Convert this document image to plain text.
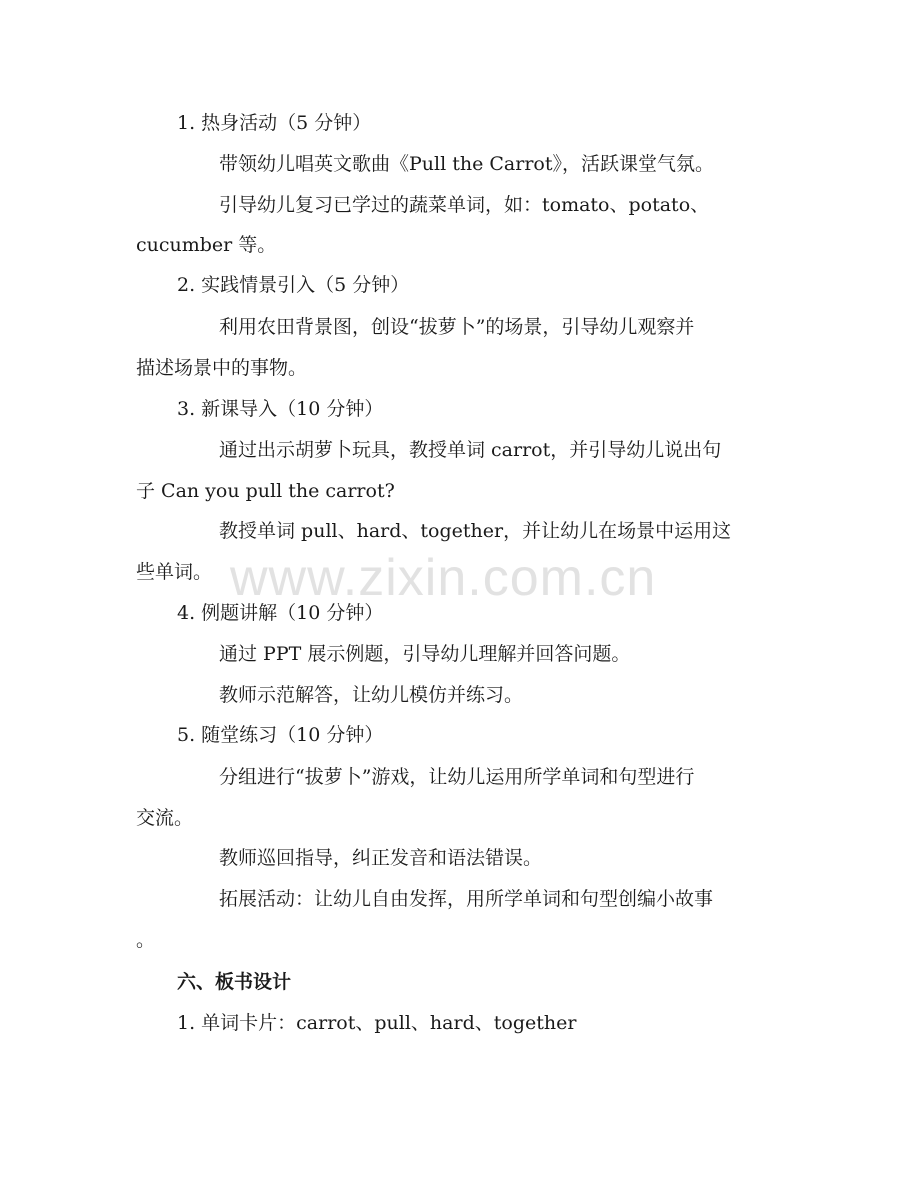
www.zixin.com.cn
1. 热身活动（5 分钟）
带领幼儿唱英文歌曲《Pull the Carrot》，活跃课堂气氛。
引导幼儿复习已学过的蔬菜单词，如：tomato、potato、
cucumber 等。
2. 实践情景引入（5 分钟）
利用农田背景图，创设“拔萝卜”的场景，引导幼儿观察并
描述场景中的事物。
3. 新课导入（10 分钟）
通过出示胡萝卜玩具，教授单词 carrot，并引导幼儿说出句
子 Can you pull the carrot?
教授单词 pull、hard、together，并让幼儿在场景中运用这
些单词。
4. 例题讲解（10 分钟）
通过 PPT 展示例题，引导幼儿理解并回答问题。
教师示范解答，让幼儿模仿并练习。
5. 随堂练习（10 分钟）
分组进行“拔萝卜”游戏，让幼儿运用所学单词和句型进行
交流。
教师巡回指导，纠正发音和语法错误。
拓展活动：让幼儿自由发挥，用所学单词和句型创编小故事
。
六、板书设计
1. 单词卡片：carrot、pull、hard、together
